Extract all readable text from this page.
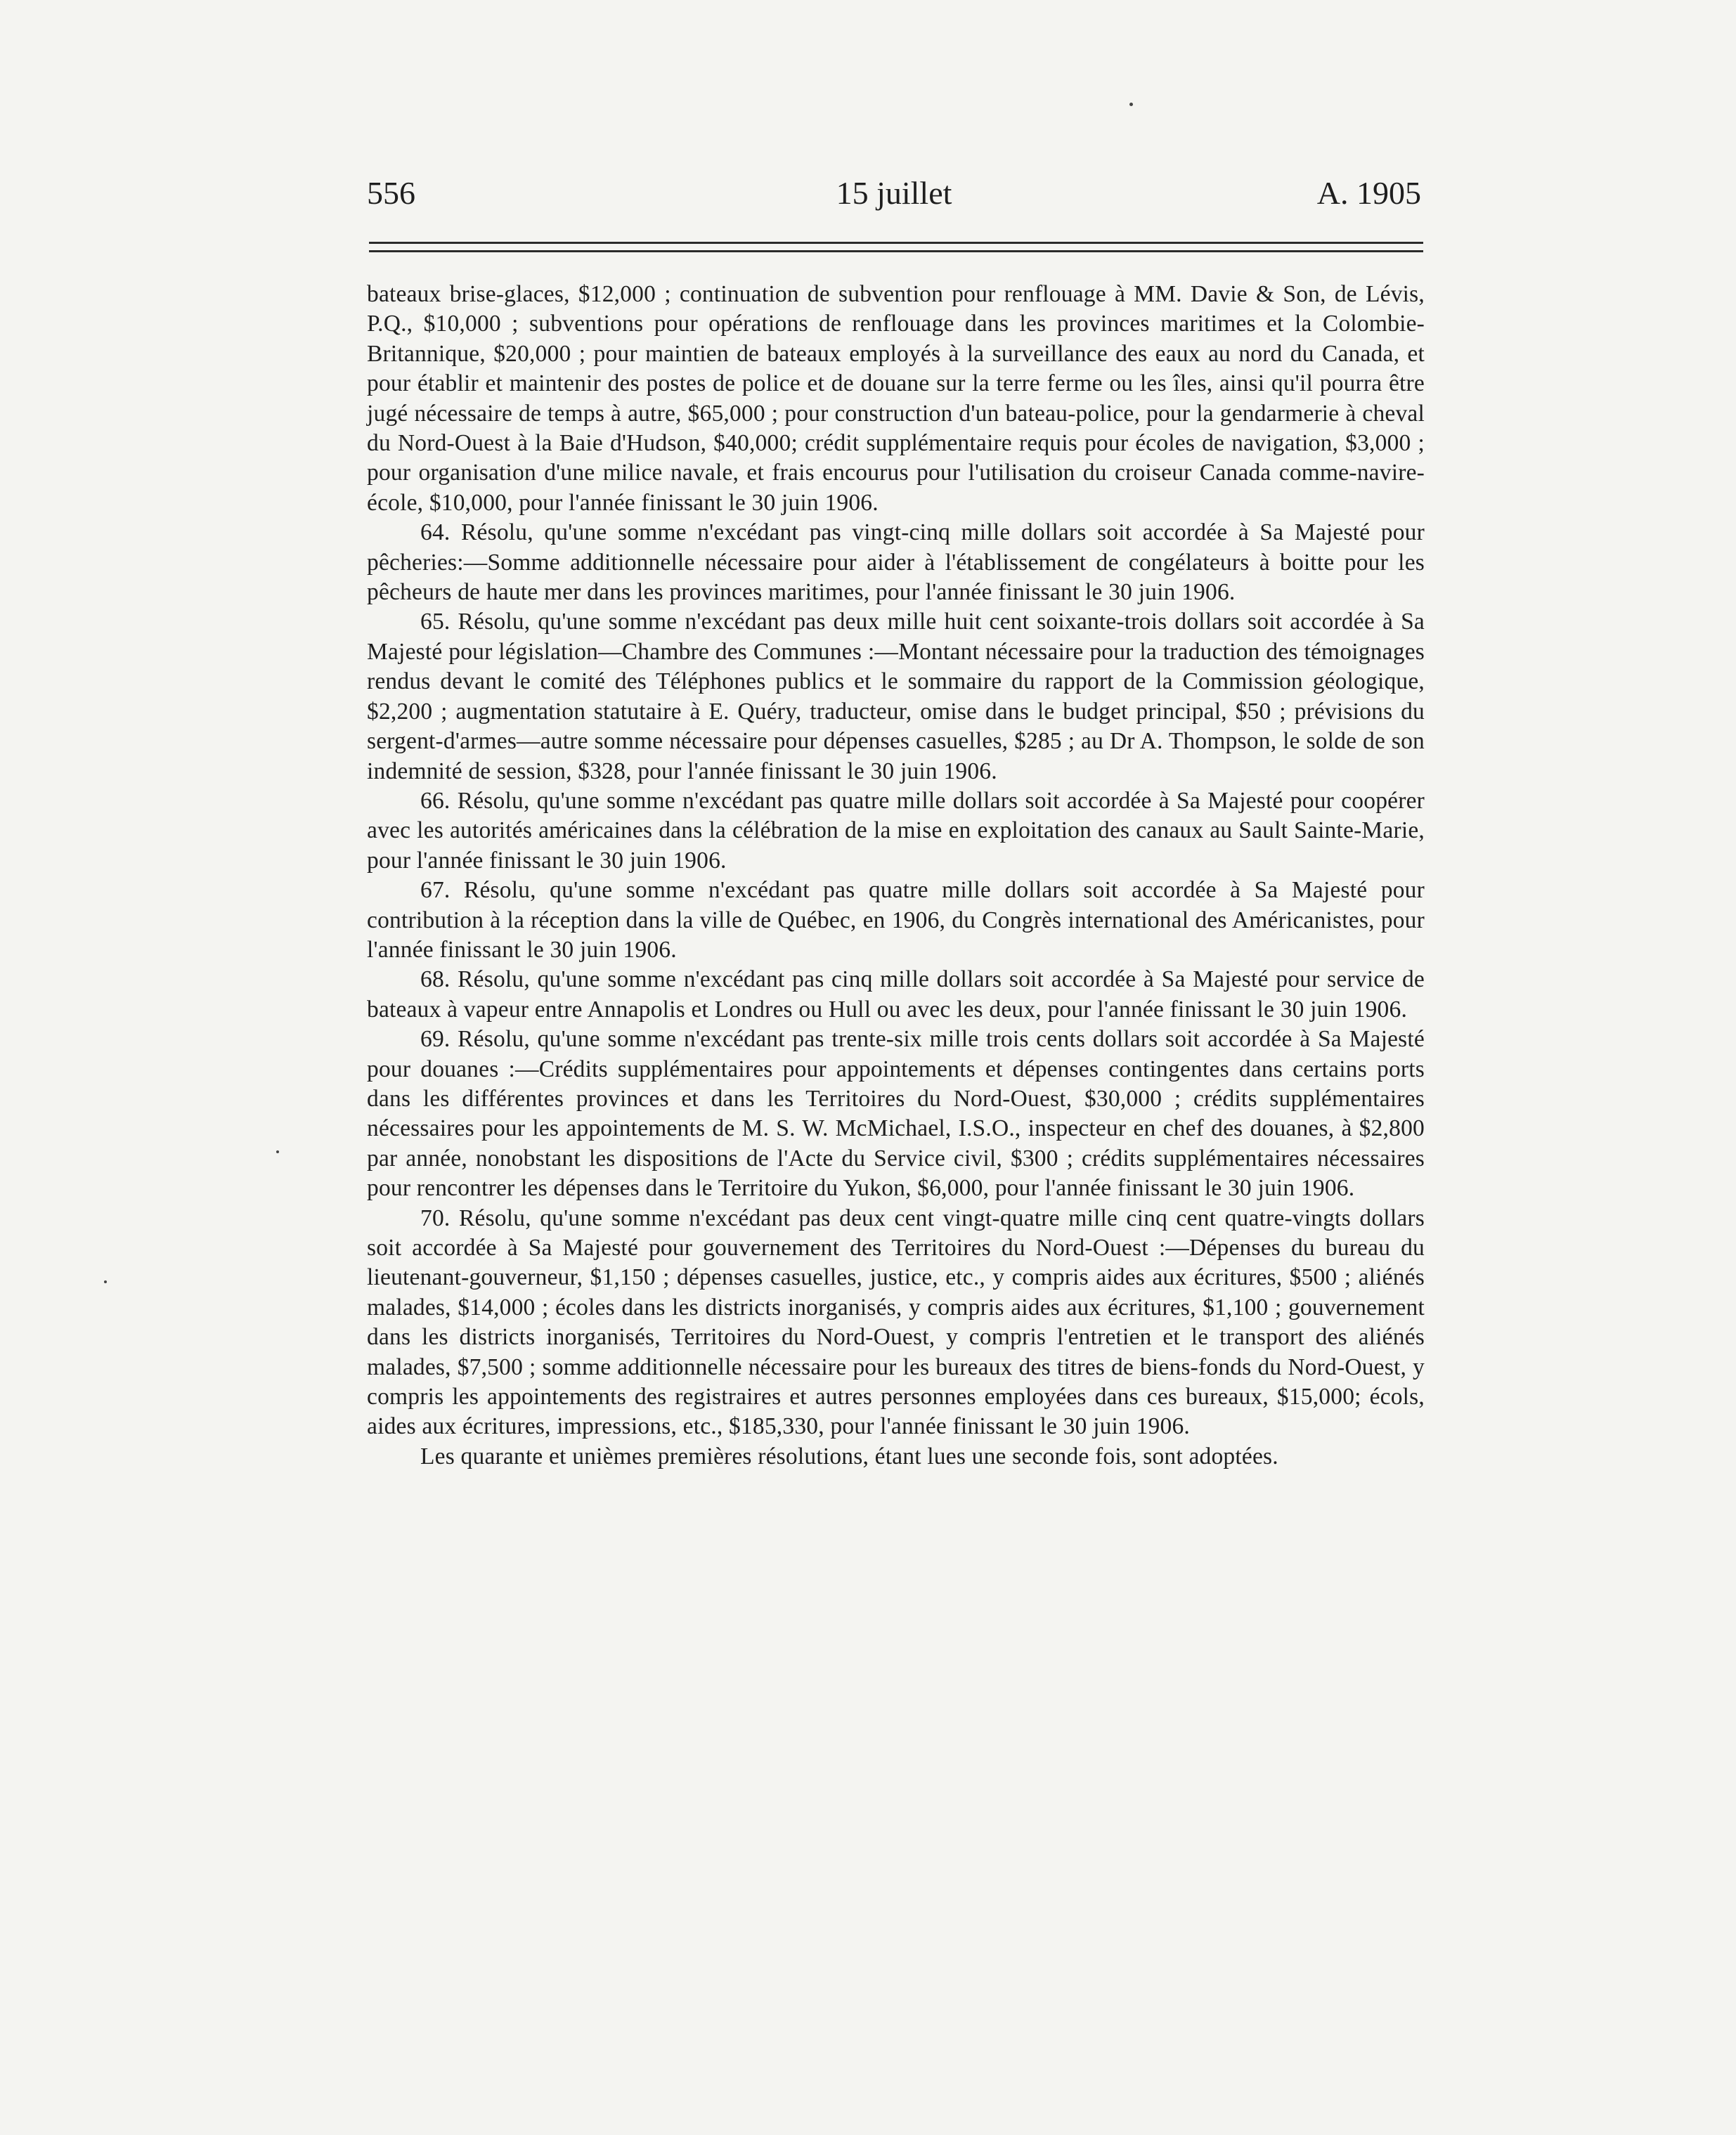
556	15 juillet	A. 1905

bateaux brise-glaces, $12,000 ; continuation de subvention pour renflouage à MM. Davie & Son, de Lévis, P.Q., $10,000 ; subventions pour opérations de renflouage dans les provinces maritimes et la Colombie-Britannique, $20,000 ; pour maintien de bateaux employés à la surveillance des eaux au nord du Canada, et pour établir et maintenir des postes de police et de douane sur la terre ferme ou les îles, ainsi qu'il pourra être jugé nécessaire de temps à autre, $65,000 ; pour construction d'un bateau-police, pour la gendarmerie à cheval du Nord-Ouest à la Baie d'Hudson, $40,000; crédit supplémentaire requis pour écoles de navigation, $3,000 ; pour organisation d'une milice navale, et frais encourus pour l'utilisation du croiseur Canada comme-navire-école, $10,000, pour l'année finissant le 30 juin 1906.

64. Résolu, qu'une somme n'excédant pas vingt-cinq mille dollars soit accordée à Sa Majesté pour pêcheries:—Somme additionnelle nécessaire pour aider à l'établissement de congélateurs à boitte pour les pêcheurs de haute mer dans les provinces maritimes, pour l'année finissant le 30 juin 1906.

65. Résolu, qu'une somme n'excédant pas deux mille huit cent soixante-trois dollars soit accordée à Sa Majesté pour législation—Chambre des Communes :—Montant nécessaire pour la traduction des témoignages rendus devant le comité des Téléphones publics et le sommaire du rapport de la Commission géologique, $2,200 ; augmentation statutaire à E. Quéry, traducteur, omise dans le budget principal, $50 ; prévisions du sergent-d'armes—autre somme nécessaire pour dépenses casuelles, $285 ; au Dr A. Thompson, le solde de son indemnité de session, $328, pour l'année finissant le 30 juin 1906.

66. Résolu, qu'une somme n'excédant pas quatre mille dollars soit accordée à Sa Majesté pour coopérer avec les autorités américaines dans la célébration de la mise en exploitation des canaux au Sault Sainte-Marie, pour l'année finissant le 30 juin 1906.

67. Résolu, qu'une somme n'excédant pas quatre mille dollars soit accordée à Sa Majesté pour contribution à la réception dans la ville de Québec, en 1906, du Congrès international des Américanistes, pour l'année finissant le 30 juin 1906.

68. Résolu, qu'une somme n'excédant pas cinq mille dollars soit accordée à Sa Majesté pour service de bateaux à vapeur entre Annapolis et Londres ou Hull ou avec les deux, pour l'année finissant le 30 juin 1906.

69. Résolu, qu'une somme n'excédant pas trente-six mille trois cents dollars soit accordée à Sa Majesté pour douanes :—Crédits supplémentaires pour appointements et dépenses contingentes dans certains ports dans les différentes provinces et dans les Territoires du Nord-Ouest, $30,000 ; crédits supplémentaires nécessaires pour les appointements de M. S. W. McMichael, I.S.O., inspecteur en chef des douanes, à $2,800 par année, nonobstant les dispositions de l'Acte du Service civil, $300 ; crédits supplémentaires nécessaires pour rencontrer les dépenses dans le Territoire du Yukon, $6,000, pour l'année finissant le 30 juin 1906.

70. Résolu, qu'une somme n'excédant pas deux cent vingt-quatre mille cinq cent quatre-vingts dollars soit accordée à Sa Majesté pour gouvernement des Territoires du Nord-Ouest :—Dépenses du bureau du lieutenant-gouverneur, $1,150 ; dépenses casuelles, justice, etc., y compris aides aux écritures, $500 ; aliénés malades, $14,000 ; écoles dans les districts inorganisés, y compris aides aux écritures, $1,100 ; gouvernement dans les districts inorganisés, Territoires du Nord-Ouest, y compris l'entretien et le transport des aliénés malades, $7,500 ; somme additionnelle nécessaire pour les bureaux des titres de biens-fonds du Nord-Ouest, y compris les appointements des registraires et autres personnes employées dans ces bureaux, $15,000; écols, aides aux écritures, impressions, etc., $185,330, pour l'année finissant le 30 juin 1906.

Les quarante et unièmes premières résolutions, étant lues une seconde fois, sont adoptées.
